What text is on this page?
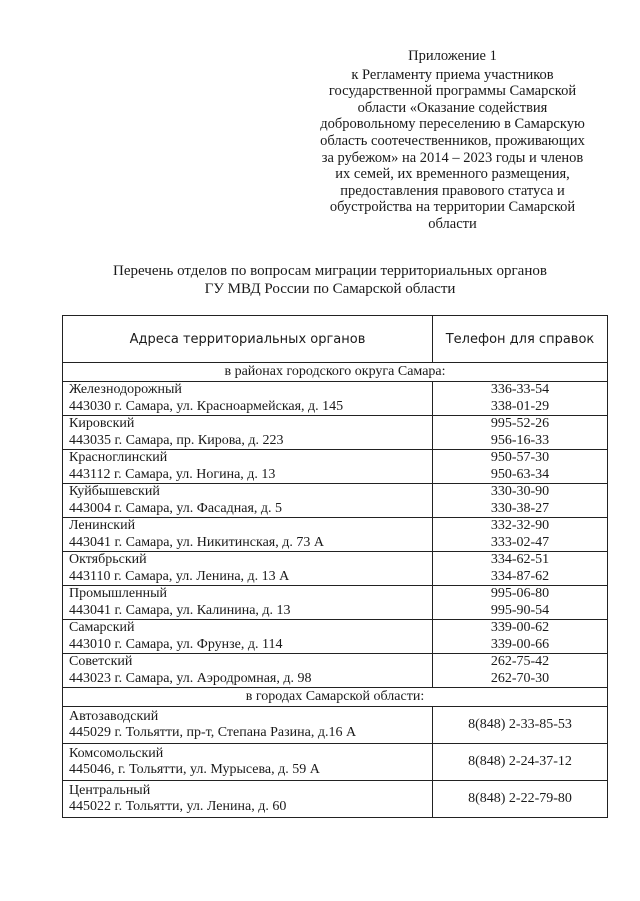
Приложение 1
к Регламенту приема участников
государственной программы Самарской
области «Оказание содействия
добровольному переселению в Самарскую
область соотечественников, проживающих
за рубежом» на 2014 – 2023 годы и членов
их семей, их временного размещения,
предоставления правового статуса и
обустройства на территории Самарской
области
Перечень отделов по вопросам миграции территориальных органов
ГУ МВД России по Самарской области
Адреса территориальных органов	Телефон для справок
в районах городского округа Самара:	

Железнодорожный
443030 г. Самара, ул. Красноармейская, д. 145	336-33-54
338-01-29

Кировский
443035 г. Самара, пр. Кирова, д. 223	995-52-26
956-16-33

Красноглинский
443112 г. Самара, ул. Ногина, д. 13	950-57-30
950-63-34

Куйбышевский
443004 г. Самара, ул. Фасадная, д. 5	330-30-90
330-38-27

Ленинский
443041 г. Самара, ул. Никитинская, д. 73 А	332-32-90
333-02-47

Октябрьский
443110 г. Самара, ул. Ленина, д. 13 А	334-62-51
334-87-62

Промышленный
443041 г. Самара, ул. Калинина, д. 13	995-06-80
995-90-54

Самарский
443010 г. Самара, ул. Фрунзе, д. 114	339-00-62
339-00-66

Советский
443023 г. Самара, ул. Аэродромная, д. 98	262-75-42
262-70-30

в городах Самарской области:	

Автозаводский
445029 г. Тольятти, пр-т, Степана Разина, д.16 А	8(848) 2-33-85-53

Комсомольский
445046, г. Тольятти, ул. Мурысева, д. 59 А	8(848) 2-24-37-12

Центральный
445022 г. Тольятти, ул. Ленина, д. 60	8(848) 2-22-79-80
